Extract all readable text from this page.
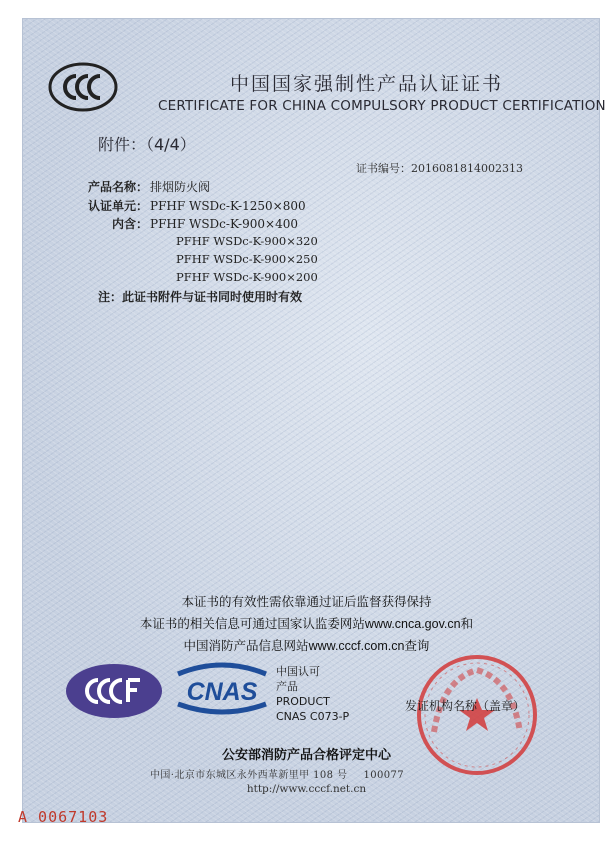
中国国家强制性产品认证证书
CERTIFICATE FOR CHINA COMPULSORY PRODUCT CERTIFICATION
附件：（4/4）
证书编号：2016081814002313
产品名称： 排烟防火阀
认证单元： PFHF WSDc-K-1250×800
内含： PFHF WSDc-K-900×400
PFHF WSDc-K-900×320
PFHF WSDc-K-900×250
PFHF WSDc-K-900×200
注：此证书附件与证书同时使用时有效
本证书的有效性需依靠通过证后监督获得保持
本证书的相关信息可通过国家认监委网站www.cnca.gov.cn和
中国消防产品信息网站www.cccf.com.cn查询
CNAS
中国认可
产品
PRODUCT
CNAS C073-P
发证机构名称（盖章）
公安部消防产品合格评定中心
中国·北京市东城区永外西革新里甲 108 号 100077
http://www.cccf.net.cn
A 0067103
